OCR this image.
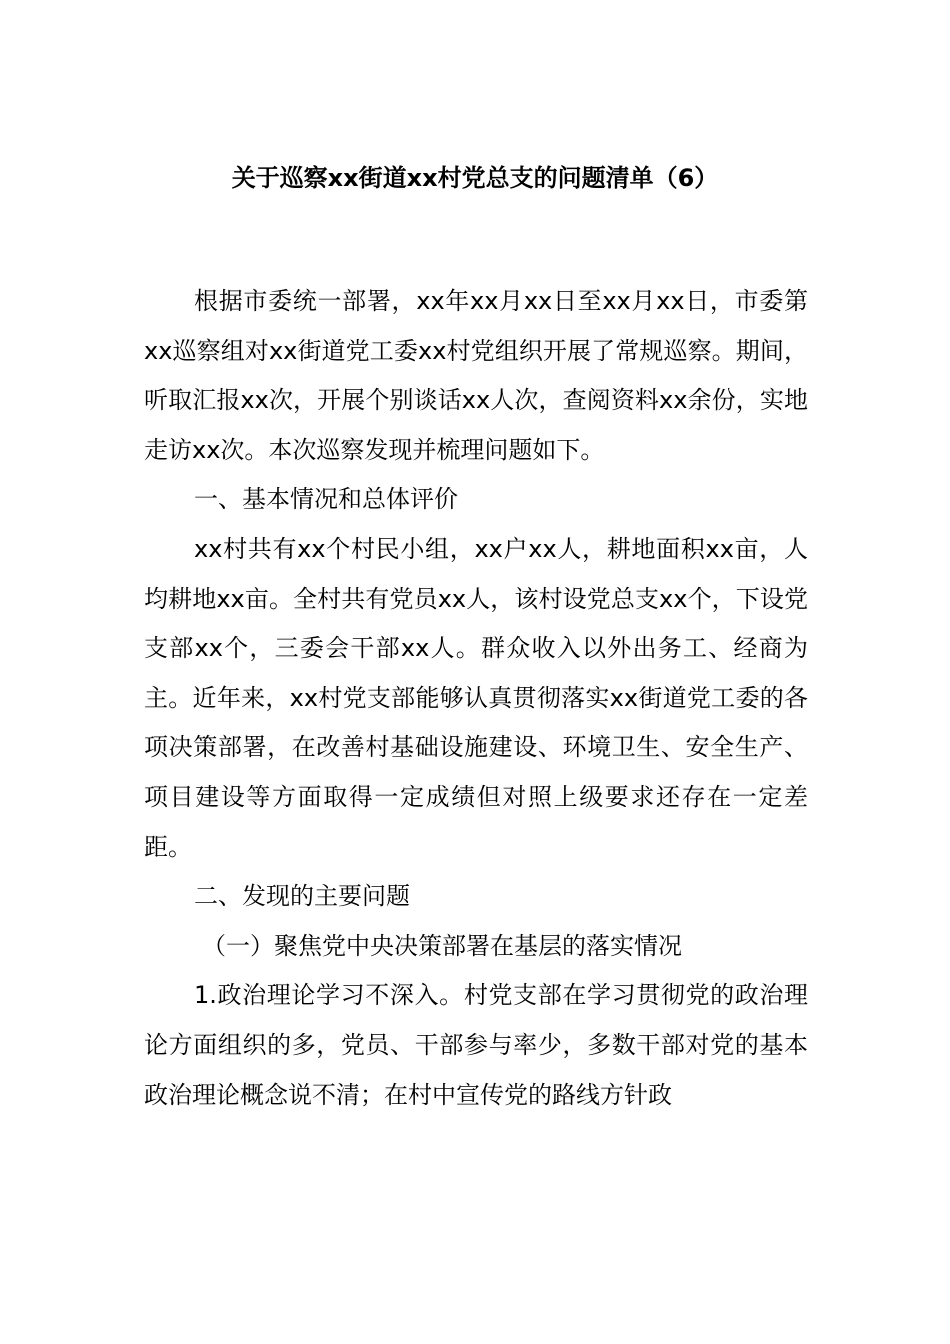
关于巡察xx街道xx村党总支的问题清单（6）

根据市委统一部署，xx年xx月xx日至xx月xx日，市委第xx巡察组对xx街道党工委xx村党组织开展了常规巡察。期间，听取汇报xx次，开展个别谈话xx人次，查阅资料xx余份，实地走访xx次。本次巡察发现并梳理问题如下。

一、基本情况和总体评价

xx村共有xx个村民小组，xx户xx人，耕地面积xx亩，人均耕地xx亩。全村共有党员xx人，该村设党总支xx个，下设党支部xx个，三委会干部xx人。群众收入以外出务工、经商为主。近年来，xx村党支部能够认真贯彻落实xx街道党工委的各项决策部署，在改善村基础设施建设、环境卫生、安全生产、项目建设等方面取得一定成绩但对照上级要求还存在一定差距。

二、发现的主要问题

（一）聚焦党中央决策部署在基层的落实情况

1.政治理论学习不深入。村党支部在学习贯彻党的政治理论方面组织的多，党员、干部参与率少，多数干部对党的基本政治理论概念说不清；在村中宣传党的路线方针政
